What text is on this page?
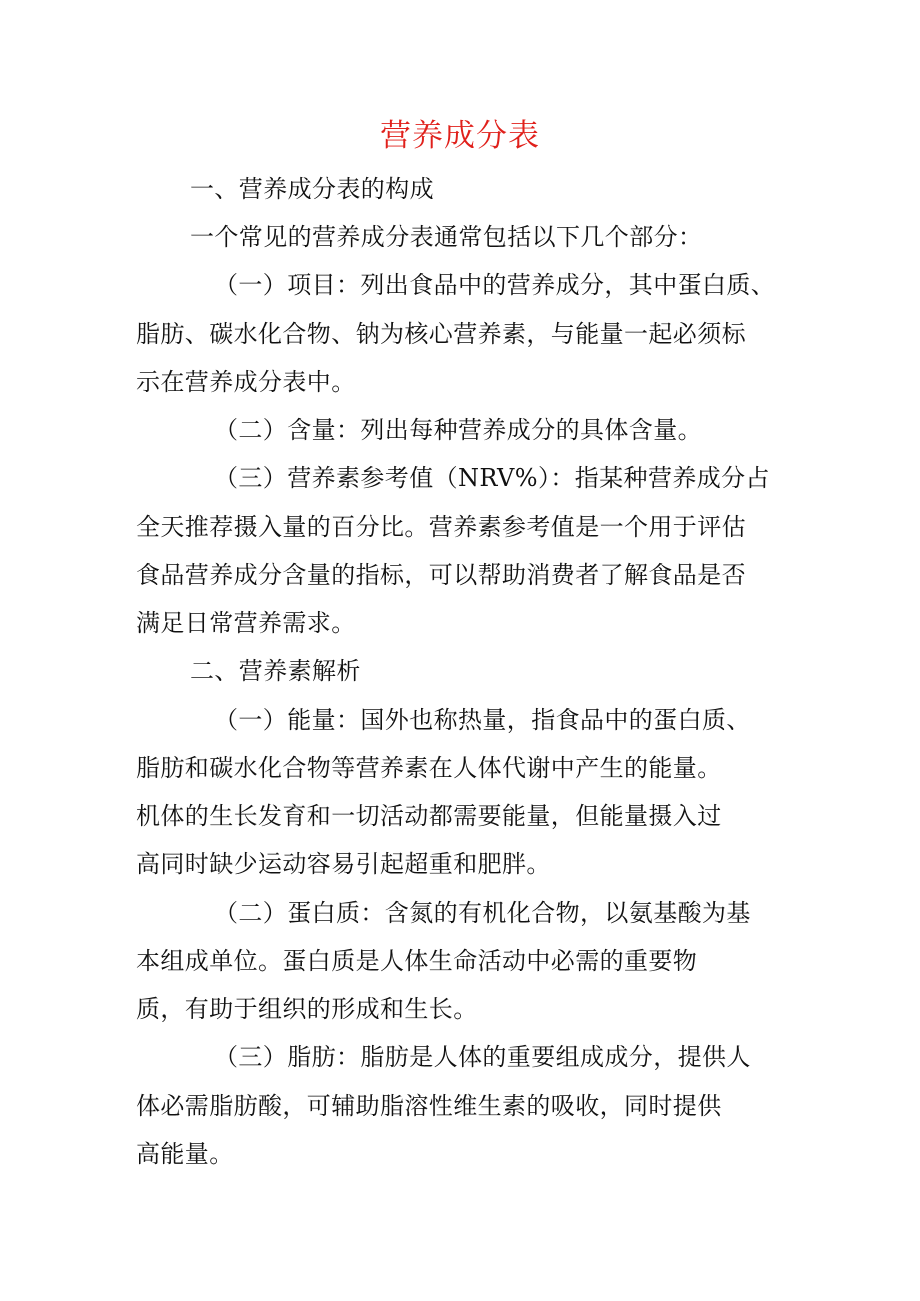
营养成分表
一、营养成分表的构成
一个常见的营养成分表通常包括以下几个部分：
（一）项目：列出食品中的营养成分，其中蛋白质、
脂肪、碳水化合物、钠为核心营养素，与能量一起必须标
示在营养成分表中。
（二）含量：列出每种营养成分的具体含量。
（三）营养素参考值（NRV%）：指某种营养成分占
全天推荐摄入量的百分比。营养素参考值是一个用于评估
食品营养成分含量的指标，可以帮助消费者了解食品是否
满足日常营养需求。
二、营养素解析
（一）能量：国外也称热量，指食品中的蛋白质、
脂肪和碳水化合物等营养素在人体代谢中产生的能量。
机体的生长发育和一切活动都需要能量，但能量摄入过
高同时缺少运动容易引起超重和肥胖。
（二）蛋白质：含氮的有机化合物，以氨基酸为基
本组成单位。蛋白质是人体生命活动中必需的重要物
质，有助于组织的形成和生长。
（三）脂肪：脂肪是人体的重要组成成分，提供人
体必需脂肪酸，可辅助脂溶性维生素的吸收，同时提供
高能量。
